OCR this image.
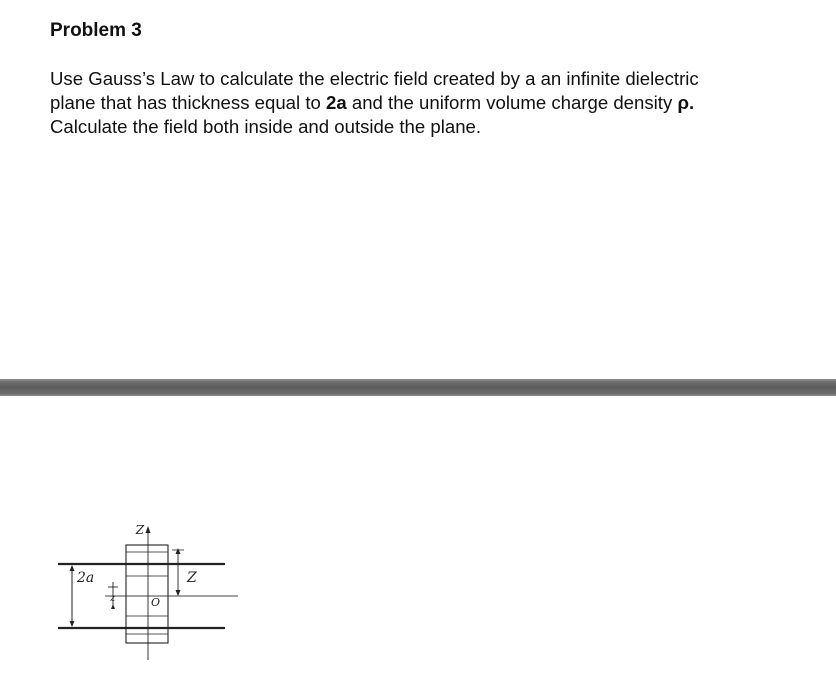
Problem 3

Use Gauss’s Law to calculate the electric field created by a an infinite dielectric
plane that has thickness equal to 2a and the uniform volume charge density ρ.
Calculate the field both inside and outside the plane.

2a
z
Z
O
Z
